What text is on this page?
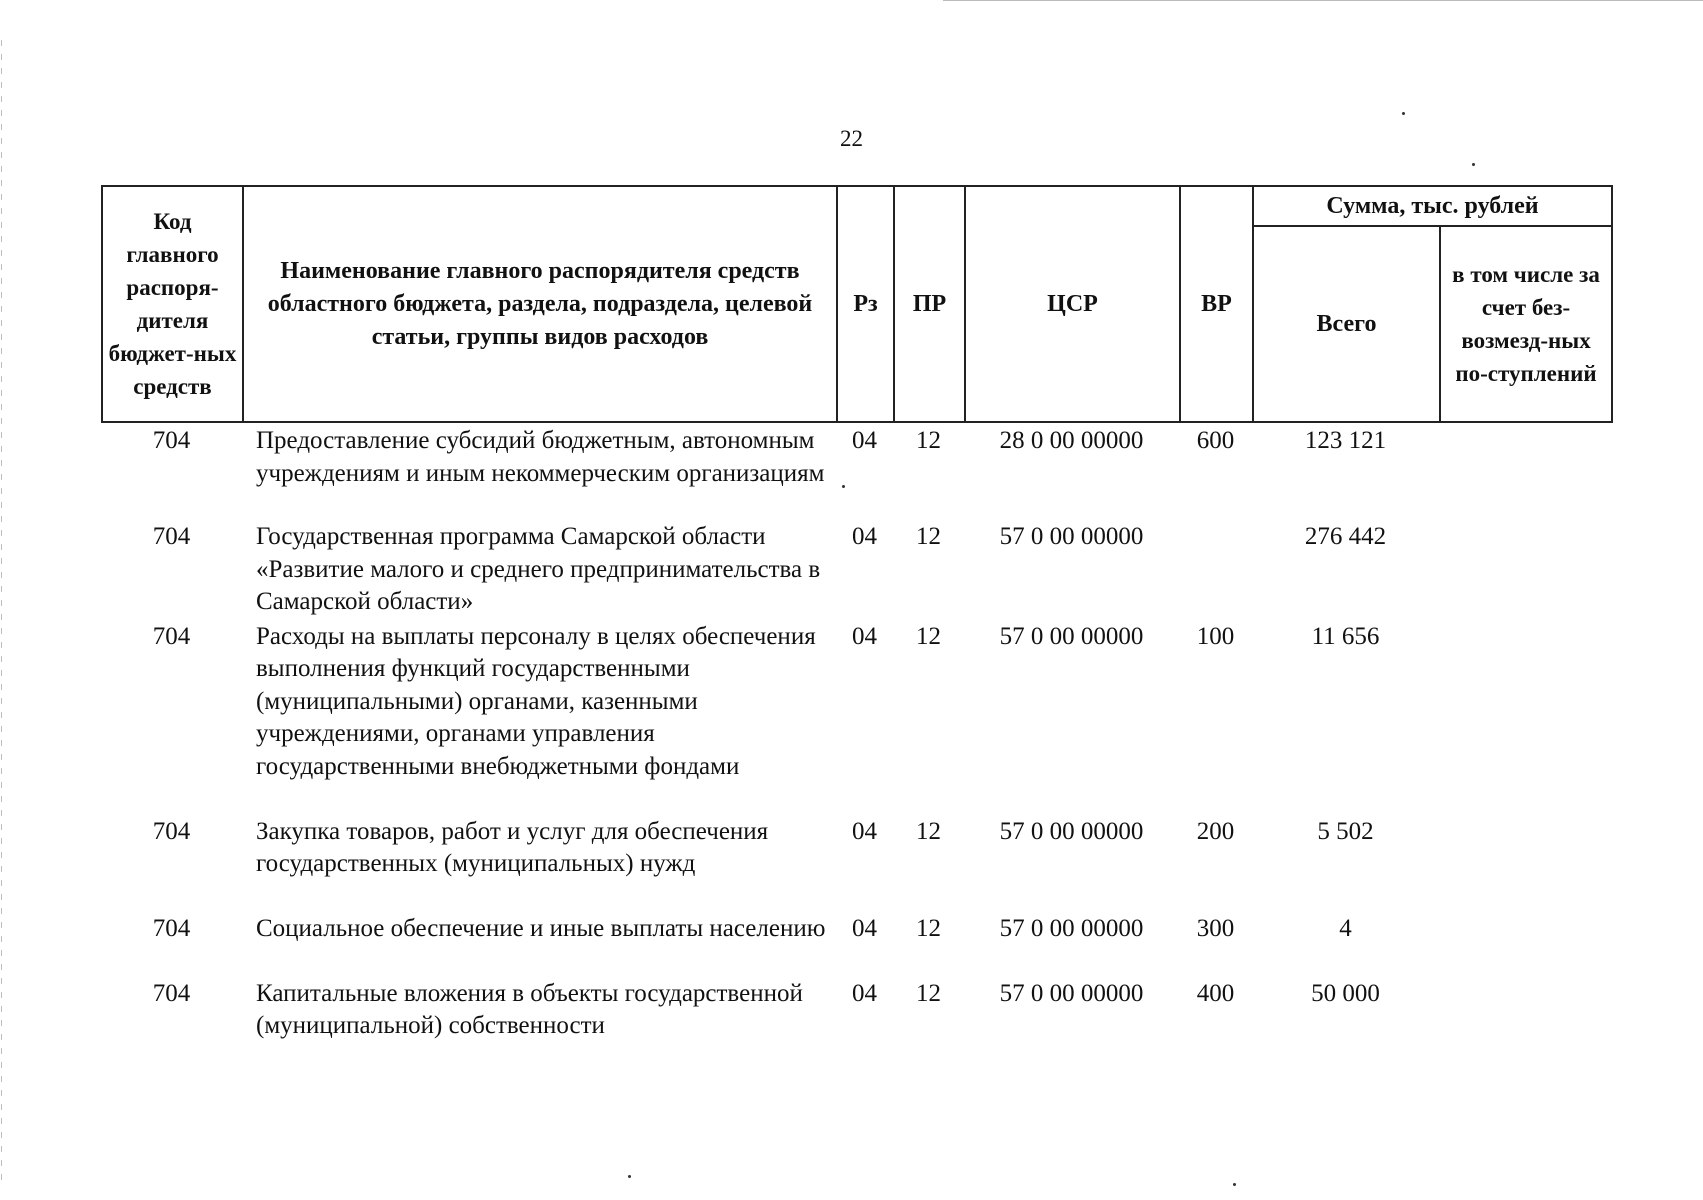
22
Код главного распоря-дителя бюджет-ных средств	Наименование главного распорядителя средств областного бюджета, раздела, подраздела, целевой статьи, группы видов расходов	Рз	ПР	ЦСР	ВР	Сумма, тыс. рублей	
						Всего	в том числе за счет без-возмезд-ных по-ступлений
704	Предоставление субсидий бюджетным, автономным учреждениям и иным некоммерческим организациям	04	12	28 0 00 00000	600	123 121	
704	Государственная программа Самарской области «Развитие малого и среднего предпринимательства в Самарской области»	04	12	57 0 00 00000		276 442	
704	Расходы на выплаты персоналу в целях обеспечения выполнения функций государственными (муниципальными) органами, казенными учреждениями, органами управления государственными внебюджетными фондами	04	12	57 0 00 00000	100	11 656	
704	Закупка товаров, работ и услуг для обеспечения государственных (муниципальных) нужд	04	12	57 0 00 00000	200	5 502	
704	Социальное обеспечение и иные выплаты населению	04	12	57 0 00 00000	300	4	
704	Капитальные вложения в объекты государственной (муниципальной) собственности	04	12	57 0 00 00000	400	50 000	
